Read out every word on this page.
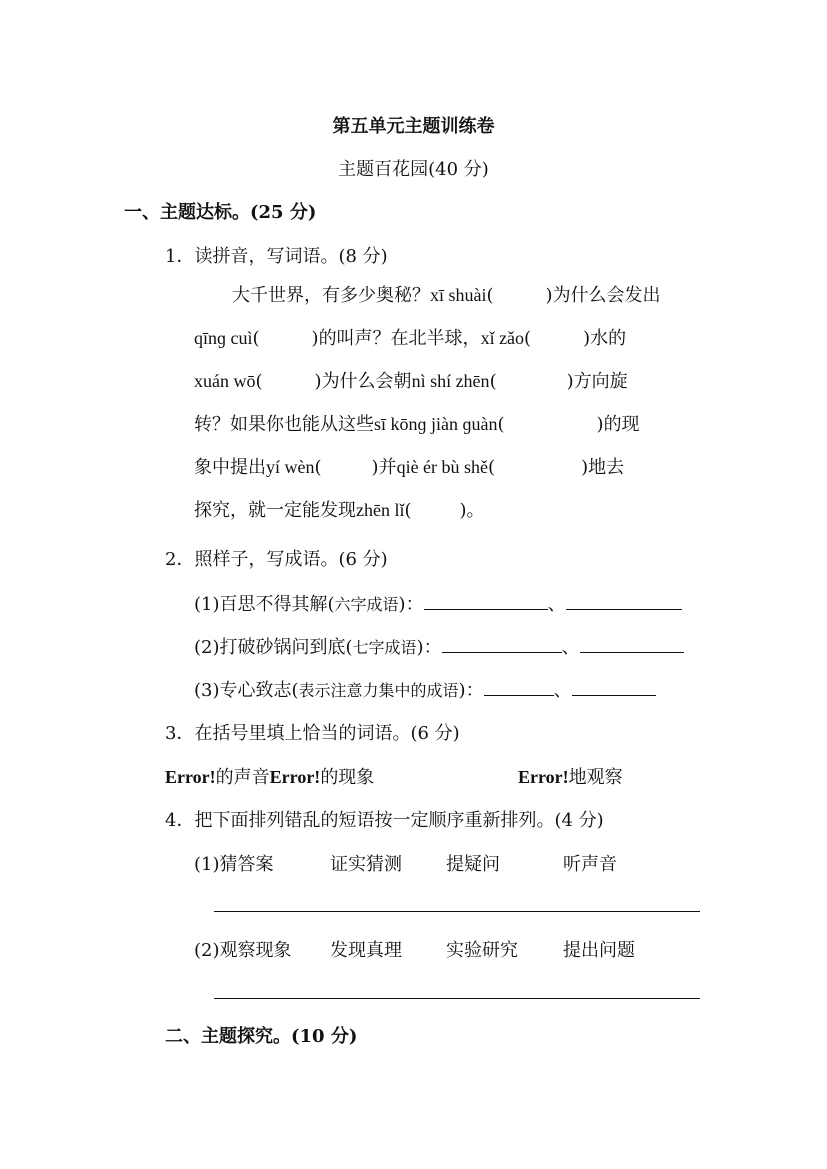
第五单元主题训练卷
主题百花园(40 分)
一、主题达标。(25 分)
1．读拼音，写词语。(8 分)
大千世界，有多少奥秘？xī shuài(	)为什么会发出
qīnɡ cuì(	)的叫声？在北半球，xǐ zǎo(	)水的
xuán wō(	)为什么会朝nì shí zhēn(	)方向旋
转？如果你也能从这些sī kōnɡ jiàn ɡuàn(	)的现
象中提出yí wèn(	)并qiè ér bù shě(	)地去
探究，就一定能发现zhēn lǐ(	)。
2．照样子，写成语。(6 分)
(1)百思不得其解(六字成语)：	、
(2)打破砂锅问到底(七字成语)：	、
(3)专心致志(表示注意力集中的成语)：	、
3．在括号里填上恰当的词语。(6 分)
Error!的声音Error!的现象	Error!地观察
4．把下面排列错乱的短语按一定顺序重新排列。(4 分)
(1)猜答案	证实猜测 提疑问	听声音
(2)观察现象 发现真理 实验研究	提出问题
二、主题探究。(10 分)
